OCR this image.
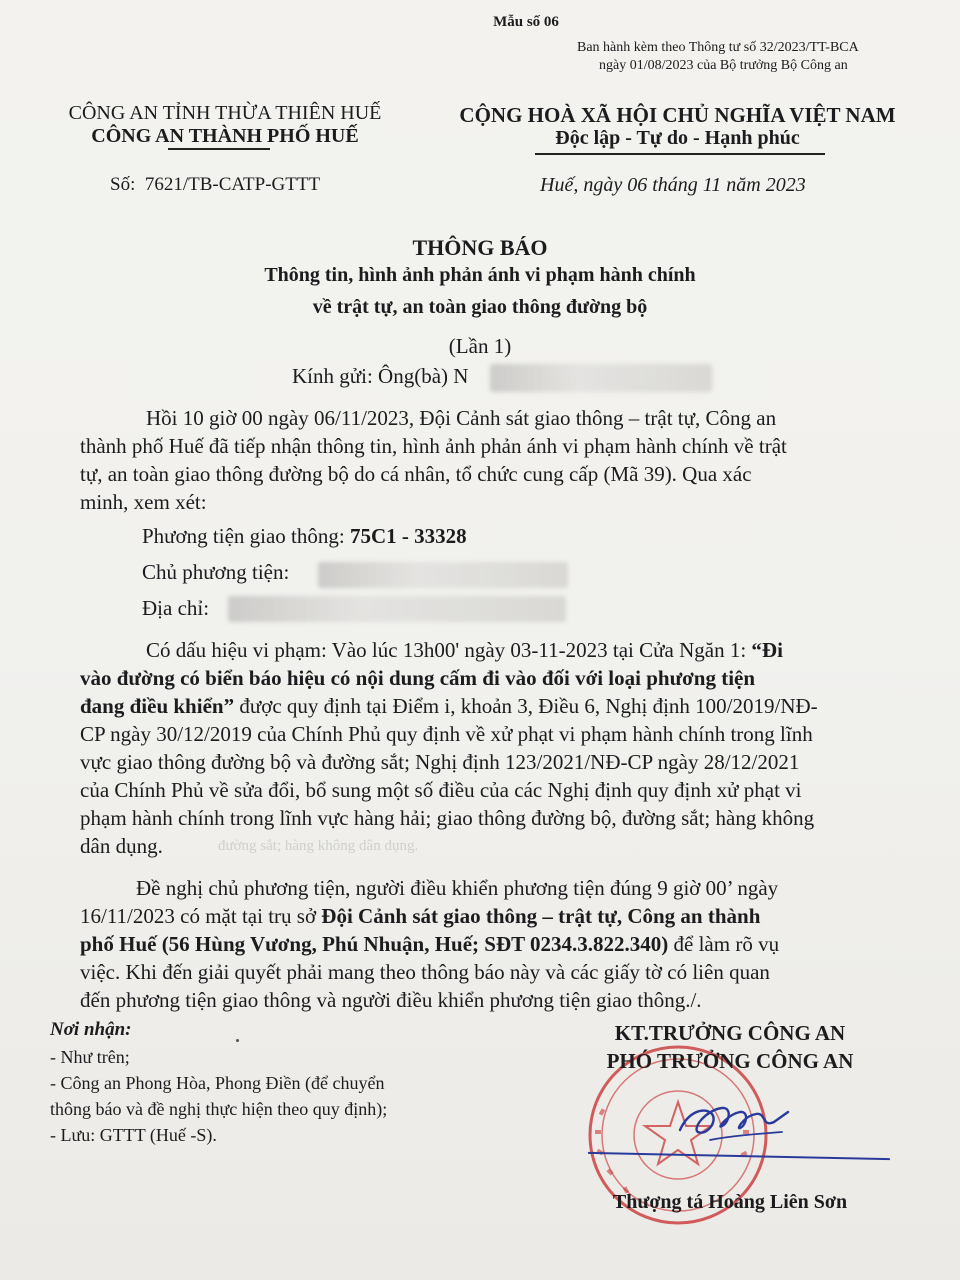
Mẫu số 06
Ban hành kèm theo Thông tư số 32/2023/TT-BCA
ngày 01/08/2023 của Bộ trưởng Bộ Công an
CÔNG AN TỈNH THỪA THIÊN HUẾ
CÔNG AN THÀNH PHỐ HUẾ
CỘNG HOÀ XÃ HỘI CHỦ NGHĨA VIỆT NAM
Độc lập - Tự do - Hạnh phúc
Số: 7621/TB-CATP-GTTT	Huế, ngày 06 tháng 11 năm 2023
THÔNG BÁO
Thông tin, hình ảnh phản ánh vi phạm hành chính
về trật tự, an toàn giao thông đường bộ
(Lần 1)
Kính gửi: Ông(bà) N
Hồi 10 giờ 00 ngày 06/11/2023, Đội Cảnh sát giao thông – trật tự, Công an
thành phố Huế đã tiếp nhận thông tin, hình ảnh phản ánh vi phạm hành chính về trật
tự, an toàn giao thông đường bộ do cá nhân, tổ chức cung cấp (Mã 39). Qua xác
minh, xem xét:
Phương tiện giao thông: 75C1 - 33328
Chủ phương tiện:
Địa chỉ:
Có dấu hiệu vi phạm: Vào lúc 13h00' ngày 03-11-2023 tại Cửa Ngăn 1: “Đi
vào đường có biển báo hiệu có nội dung cấm đi vào đối với loại phương tiện
đang điều khiển” được quy định tại Điểm i, khoản 3, Điều 6, Nghị định 100/2019/NĐ-
CP ngày 30/12/2019 của Chính Phủ quy định về xử phạt vi phạm hành chính trong lĩnh
vực giao thông đường bộ và đường sắt; Nghị định 123/2021/NĐ-CP ngày 28/12/2021
của Chính Phủ về sửa đổi, bổ sung một số điều của các Nghị định quy định xử phạt vi
phạm hành chính trong lĩnh vực hàng hải; giao thông đường bộ, đường sắt; hàng không
dân dụng.	đường sắt; hàng không dân dụng.
Đề nghị chủ phương tiện, người điều khiển phương tiện đúng 9 giờ 00’ ngày
16/11/2023 có mặt tại trụ sở Đội Cảnh sát giao thông – trật tự, Công an thành
phố Huế (56 Hùng Vương, Phú Nhuận, Huế; SĐT 0234.3.822.340) để làm rõ vụ
việc. Khi đến giải quyết phải mang theo thông báo này và các giấy tờ có liên quan
đến phương tiện giao thông và người điều khiển phương tiện giao thông./.
Nơi nhận:
- Như trên;
- Công an Phong Hòa, Phong Điền (để chuyển
thông báo và đề nghị thực hiện theo quy định);
- Lưu: GTTT (Huế -S).
KT.TRƯỞNG CÔNG AN
PHÓ TRƯỞNG CÔNG AN
Thượng tá Hoàng Liên Sơn
